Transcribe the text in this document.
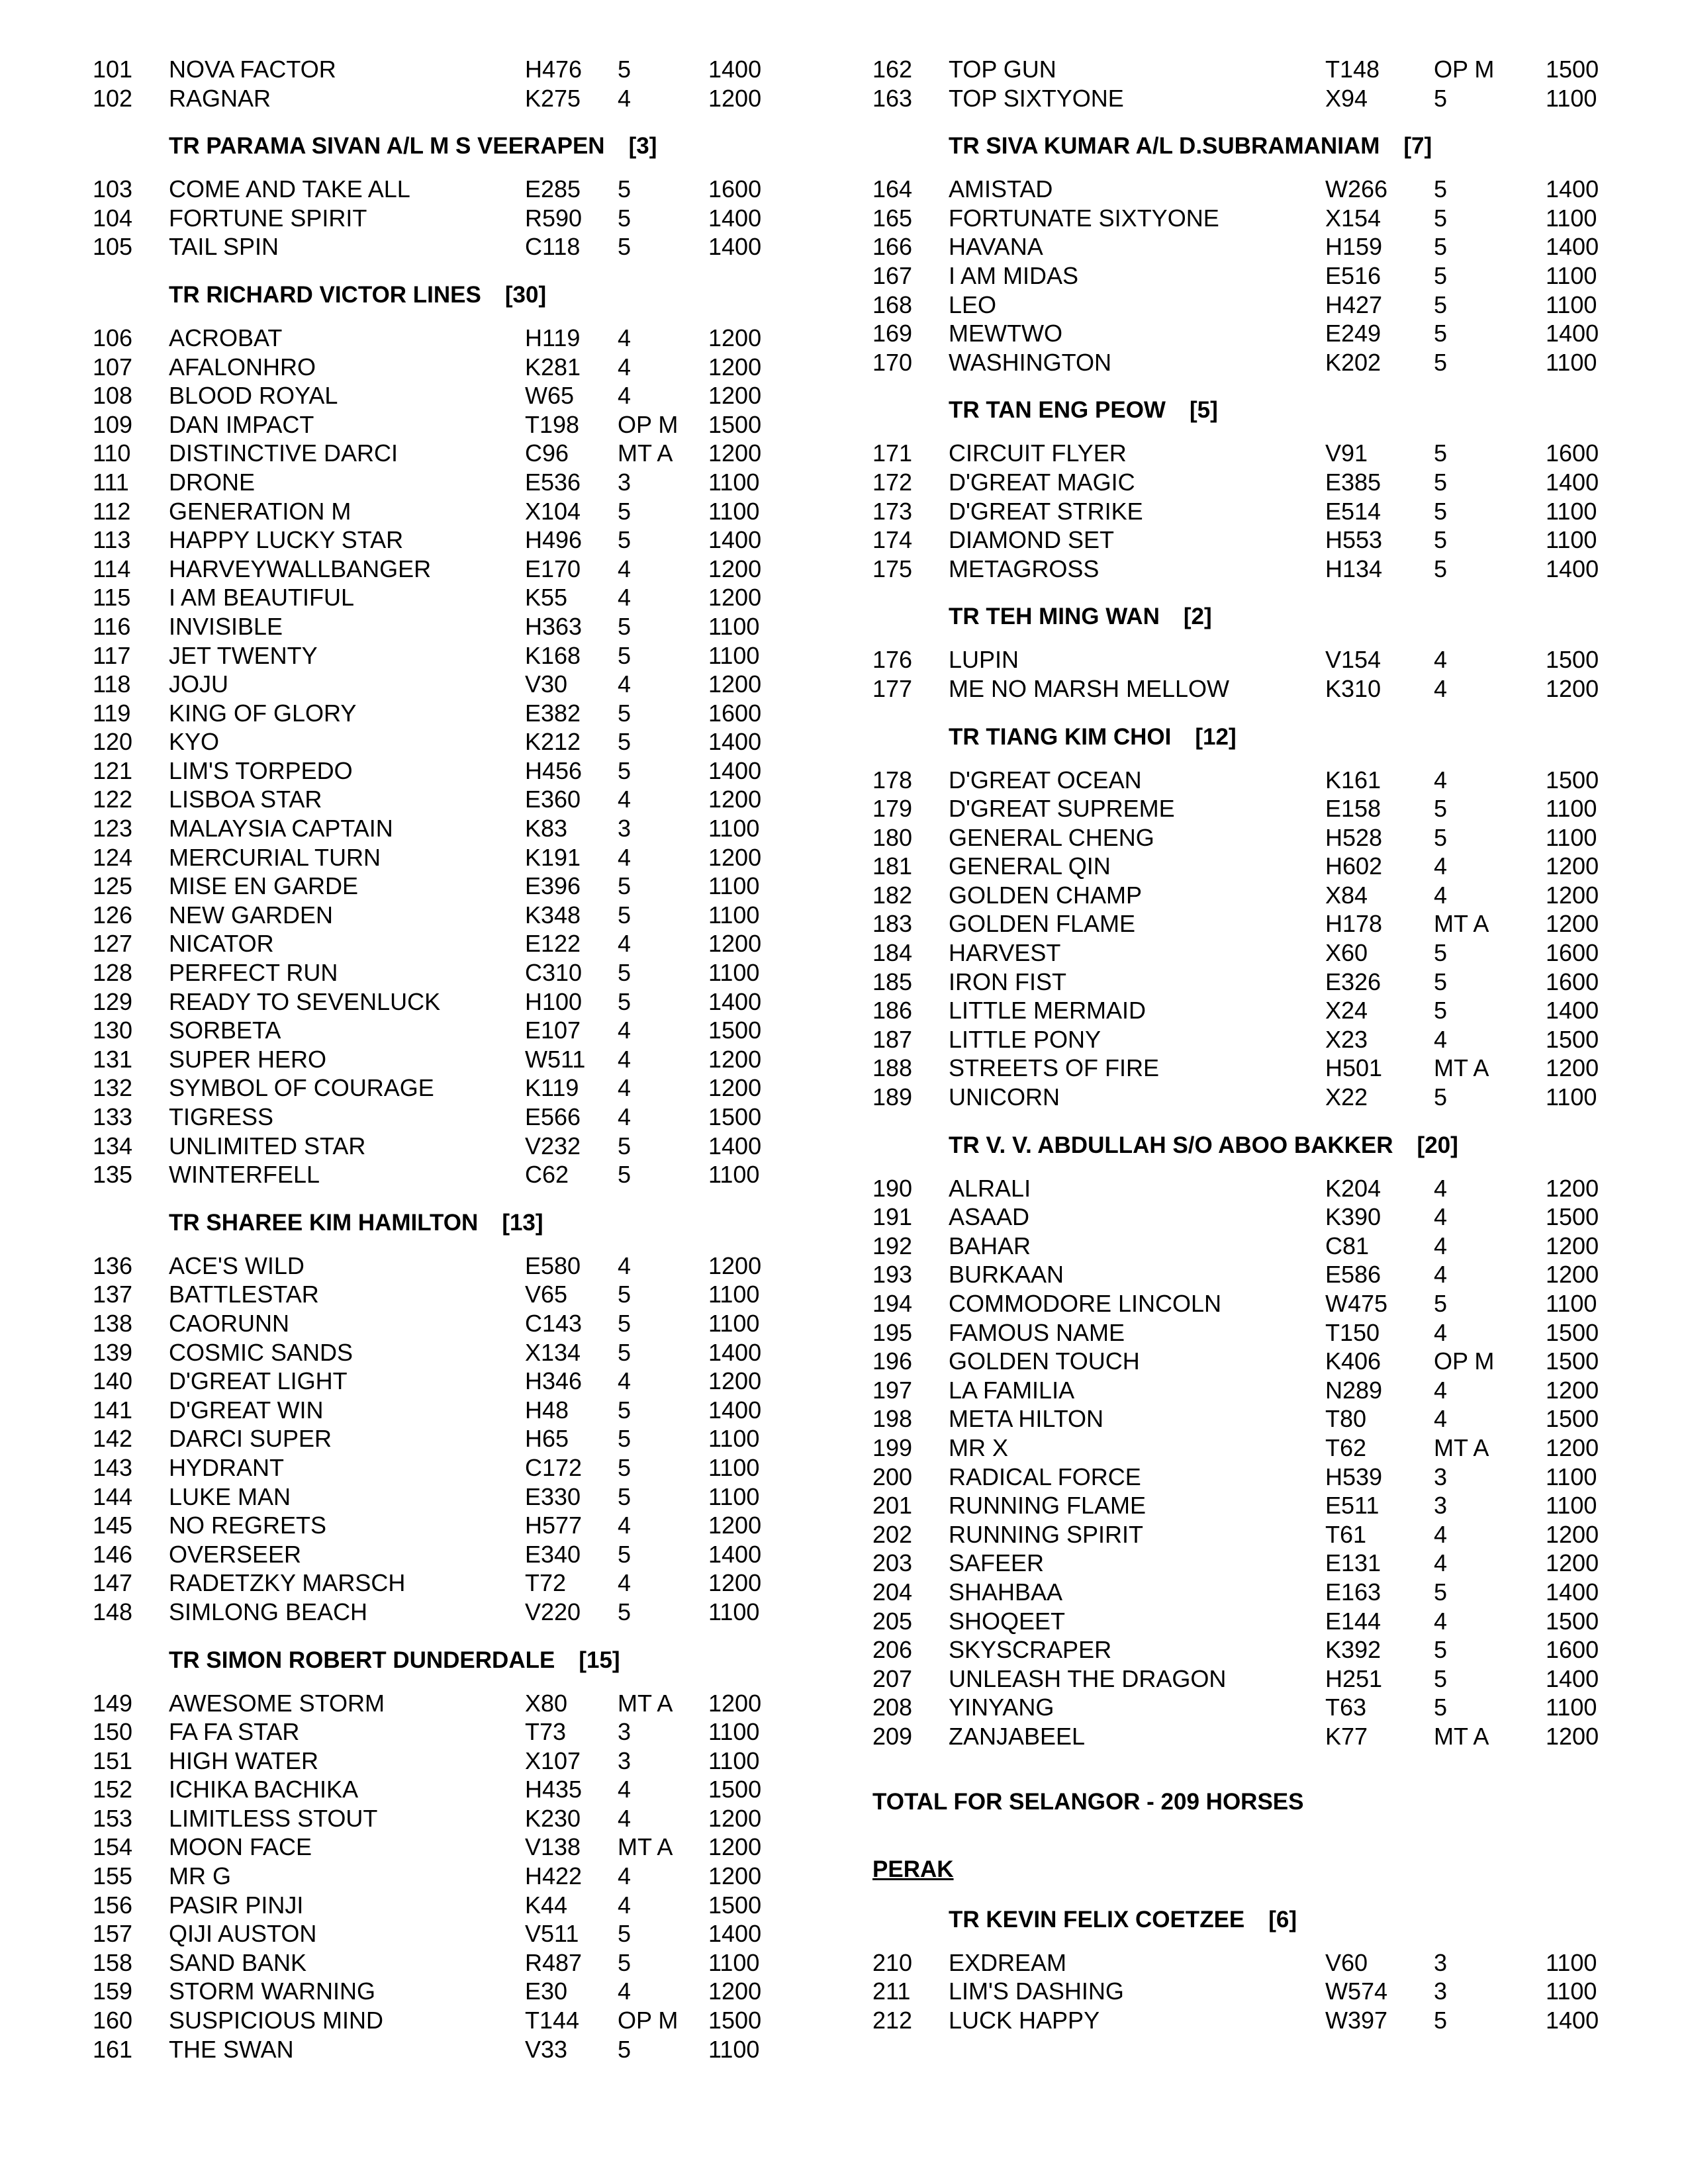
101 NOVA FACTOR	H476 5	1400
102 RAGNAR	K275 4	1200
TR PARAMA SIVAN A/L M S VEERAPEN [3]
103 COME AND TAKE ALL	E285 5	1600
104 FORTUNE SPIRIT	R590 5	1400
105 TAIL SPIN	C118 5	1400
TR RICHARD VICTOR LINES [30]
106 ACROBAT	H119 4	1200
107 AFALONHRO	K281 4	1200
108 BLOOD ROYAL	W65 4	1200
109 DAN IMPACT	T198 OP M 1500
110 DISTINCTIVE DARCI	C96 MT A 1200
111 DRONE	E536 3	1100
112 GENERATION M	X104 5	1100
113 HAPPY LUCKY STAR	H496 5	1400
114 HARVEYWALLBANGER	E170 4	1200
115 I AM BEAUTIFUL	K55 4	1200
116 INVISIBLE	H363 5	1100
117 JET TWENTY	K168 5	1100
118 JOJU	V30 4	1200
119 KING OF GLORY	E382 5	1600
120 KYO	K212 5	1400
121 LIM'S TORPEDO	H456 5	1400
122 LISBOA STAR	E360 4	1200
123 MALAYSIA CAPTAIN	K83 3	1100
124 MERCURIAL TURN	K191 4	1200
125 MISE EN GARDE	E396 5	1100
126 NEW GARDEN	K348 5	1100
127 NICATOR	E122 4	1200
128 PERFECT RUN	C310 5	1100
129 READY TO SEVENLUCK	H100 5	1400
130 SORBETA	E107 4	1500
131 SUPER HERO	W511 4	1200
132 SYMBOL OF COURAGE	K119 4	1200
133 TIGRESS	E566 4	1500
134 UNLIMITED STAR	V232 5	1400
135 WINTERFELL	C62 5	1100
TR SHAREE KIM HAMILTON [13]
136 ACE'S WILD	E580 4	1200
137 BATTLESTAR	V65 5	1100
138 CAORUNN	C143 5	1100
139 COSMIC SANDS	X134 5	1400
140 D'GREAT LIGHT	H346 4	1200
141 D'GREAT WIN	H48 5	1400
142 DARCI SUPER	H65 5	1100
143 HYDRANT	C172 5	1100
144 LUKE MAN	E330 5	1100
145 NO REGRETS	H577 4	1200
146 OVERSEER	E340 5	1400
147 RADETZKY MARSCH	T72 4	1200
148 SIMLONG BEACH	V220 5	1100
TR SIMON ROBERT DUNDERDALE [15]
149 AWESOME STORM	X80 MT A 1200
150 FA FA STAR	T73 3	1100
151 HIGH WATER	X107 3	1100
152 ICHIKA BACHIKA	H435 4	1500
153 LIMITLESS STOUT	K230 4	1200
154 MOON FACE	V138 MT A 1200
155 MR G	H422 4	1200
156 PASIR PINJI	K44 4	1500
157 QIJI AUSTON	V511 5	1400
158 SAND BANK	R487 5	1100
159 STORM WARNING	E30 4	1200
160 SUSPICIOUS MIND	T144 OP M 1500
161 THE SWAN	V33 5	1100
162 TOP GUN	T148 OP M 1500
163 TOP SIXTYONE	X94	5	1100
TR SIVA KUMAR A/L D.SUBRAMANIAM [7]
164 AMISTAD	W266 5	1400
165 FORTUNATE SIXTYONE	X154 5	1100
166 HAVANA	H159 5	1400
167 I AM MIDAS	E516 5	1100
168 LEO	H427 5	1100
169 MEWTWO	E249 5	1400
170 WASHINGTON	K202 5	1100
TR TAN ENG PEOW [5]
171 CIRCUIT FLYER	V91	5	1600
172 D'GREAT MAGIC	E385 5	1400
173 D'GREAT STRIKE	E514 5	1100
174 DIAMOND SET	H553 5	1100
175 METAGROSS	H134 5	1400
TR TEH MING WAN [2]
176 LUPIN	V154 4	1500
177 ME NO MARSH MELLOW	K310 4	1200
TR TIANG KIM CHOI [12]
178 D'GREAT OCEAN	K161 4	1500
179 D'GREAT SUPREME	E158 5	1100
180 GENERAL CHENG	H528 5	1100
181 GENERAL QIN	H602 4	1200
182 GOLDEN CHAMP	X84	4	1200
183 GOLDEN FLAME	H178 MT A 1200
184 HARVEST	X60	5	1600
185 IRON FIST	E326 5	1600
186 LITTLE MERMAID	X24	5	1400
187 LITTLE PONY	X23	4	1500
188 STREETS OF FIRE	H501 MT A 1200
189 UNICORN	X22	5	1100
TR V. V. ABDULLAH S/O ABOO BAKKER [20]
190 ALRALI	K204 4	1200
191 ASAAD	K390 4	1500
192 BAHAR	C81	4	1200
193 BURKAAN	E586 4	1200
194 COMMODORE LINCOLN	W475 5	1100
195 FAMOUS NAME	T150 4	1500
196 GOLDEN TOUCH	K406 OP M 1500
197 LA FAMILIA	N289 4	1200
198 META HILTON	T80	4	1500
199 MR X	T62	MT A 1200
200 RADICAL FORCE	H539 3	1100
201 RUNNING FLAME	E511 3	1100
202 RUNNING SPIRIT	T61	4	1200
203 SAFEER	E131 4	1200
204 SHAHBAA	E163 5	1400
205 SHOQEET	E144 4	1500
206 SKYSCRAPER	K392 5	1600
207 UNLEASH THE DRAGON	H251 5	1400
208 YINYANG	T63	5	1100
209 ZANJABEEL	K77	MT A 1200
TOTAL FOR SELANGOR - 209 HORSES
PERAK
TR KEVIN FELIX COETZEE [6]
210 EXDREAM	V60	3	1100
211 LIM'S DASHING	W574 3	1100
212 LUCK HAPPY	W397 5	1400
